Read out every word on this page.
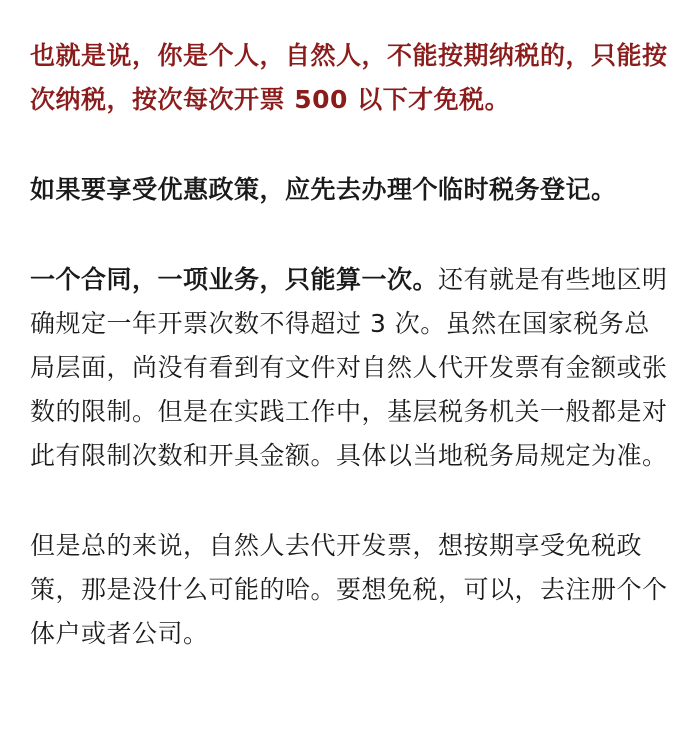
也就是说，你是个人，自然人，不能按期纳税的，只能按次纳税，按次每次开票 500 以下才免税。

如果要享受优惠政策，应先去办理个临时税务登记。

一个合同，一项业务，只能算一次。还有就是有些地区明确规定一年开票次数不得超过 3 次。虽然在国家税务总局层面，尚没有看到有文件对自然人代开发票有金额或张数的限制。但是在实践工作中，基层税务机关一般都是对此有限制次数和开具金额。具体以当地税务局规定为准。

但是总的来说，自然人去代开发票，想按期享受免税政策，那是没什么可能的哈。要想免税，可以，去注册个个体户或者公司。
